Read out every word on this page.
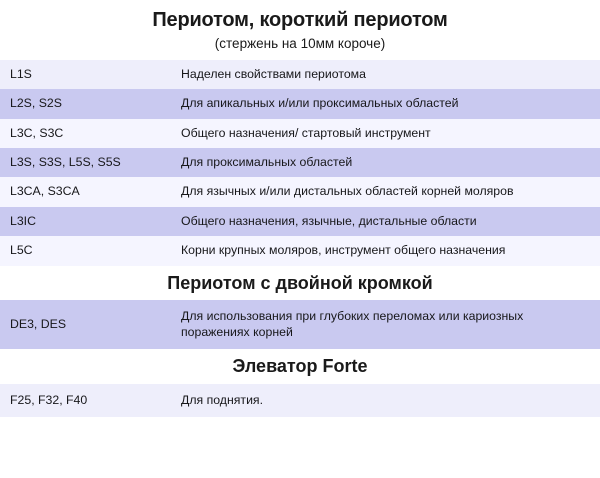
Периотом, короткий периотом
(стержень на 10мм короче)
L1S	Наделен свойствами периотома
L2S, S2S	Для апикальных и/или проксимальных областей
L3C, S3C	Общего назначения/ стартовый инструмент
L3S, S3S, L5S, S5S	Для проксимальных областей
L3CA, S3CA	Для язычных и/или дистальных областей корней моляров
L3IC	Общего назначения, язычные, дистальные области
L5C	Корни крупных моляров, инструмент общего назначения
Периотом с двойной кромкой
DE3, DES	Для использования при глубоких переломах или кариозных поражениях корней
Элеватор Forte
F25, F32, F40	Для поднятия.
